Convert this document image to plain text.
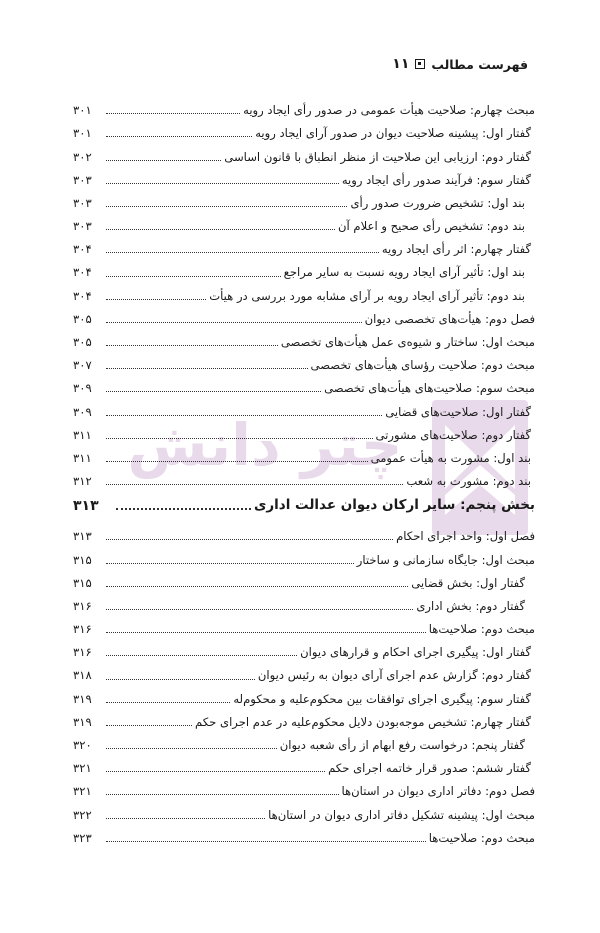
چتر دانش
فهرست مطالب
۱۱
مبحث چهارم: صلاحیت هیأت عمومی در صدور رأی ایجاد رویه
۳۰۱
گفتار اول: پیشینه صلاحیت دیوان در صدور آرای ایجاد رویه
۳۰۱
گفتار دوم: ارزیابی این صلاحیت از منظر انطباق با قانون اساسی
۳۰۲
گفتار سوم: فرآیند صدور رأی ایجاد رویه
۳۰۳
بند اول: تشخیص ضرورت صدور رأی
۳۰۳
بند دوم: تشخیص رأی صحیح و اعلام آن
۳۰۳
گفتار چهارم: اثر رأی ایجاد رویه
۳۰۴
بند اول: تأثیر آرای ایجاد رویه نسبت به سایر مراجع
۳۰۴
بند دوم: تأثیر آرای ایجاد رویه بر آرای مشابه مورد بررسی در هیأت
۳۰۴
فصل دوم: هیأت‌های تخصصی دیوان
۳۰۵
مبحث اول: ساختار و شیوه‌ی عمل هیأت‌های تخصصی
۳۰۵
مبحث دوم: صلاحیت رؤسای هیأت‌های تخصصی
۳۰۷
مبحث سوم: صلاحیت‌های هیأت‌های تخصصی
۳۰۹
گفتار اول: صلاحیت‌های قضایی
۳۰۹
گفتار دوم: صلاحیت‌های مشورتی
۳۱۱
بند اول: مشورت به هیأت عمومی
۳۱۱
بند دوم: مشورت به شعب
۳۱۲
بخش پنجم: سایر ارکان دیوان عدالت اداری
۳۱۳
فصل اول: واحد اجرای احکام
۳۱۳
مبحث اول: جایگاه سازمانی و ساختار
۳۱۵
گفتار اول: بخش قضایی
۳۱۵
گفتار دوم: بخش اداری
۳۱۶
مبحث دوم: صلاحیت‌ها
۳۱۶
گفتار اول: پیگیری اجرای احکام و قرارهای دیوان
۳۱۶
گفتار دوم: گزارش عدم اجرای آرای دیوان به رئیس دیوان
۳۱۸
گفتار سوم: پیگیری اجرای توافقات بین محکوم‌علیه و محکوم‌له
۳۱۹
گفتار چهارم: تشخیص موجه‌بودن دلایل محکوم‌علیه در عدم اجرای حکم
۳۱۹
گفتار پنجم: درخواست رفع ابهام از رأی شعبه دیوان
۳۲۰
گفتار ششم: صدور قرار خاتمه اجرای حکم
۳۲۱
فصل دوم: دفاتر اداری دیوان در استان‌ها
۳۲۱
مبحث اول: پیشینه تشکیل دفاتر اداری دیوان در استان‌ها
۳۲۲
مبحث دوم: صلاحیت‌ها
۳۲۳
